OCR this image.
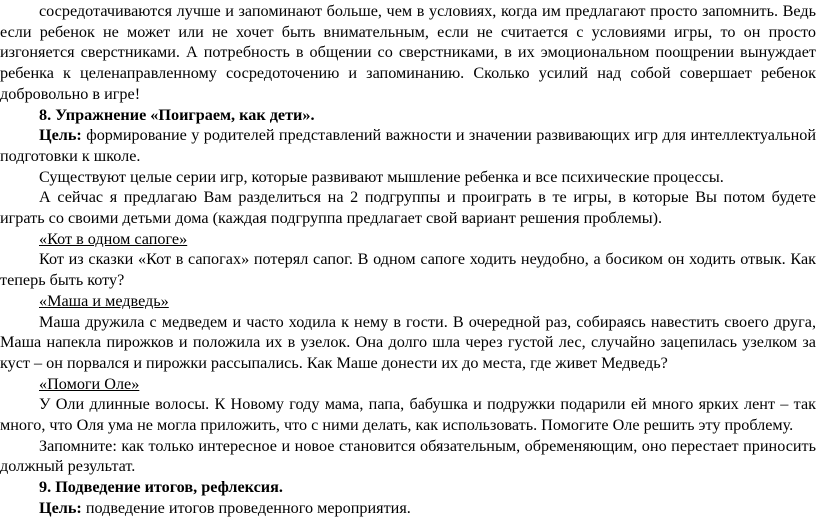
сосредотачиваются лучше и запоминают больше, чем в условиях, когда им предлагают просто запомнить. Ведь если ребенок не может или не хочет быть внимательным, если не считается с условиями игры, то он просто изгоняется сверстниками. А потребность в общении со сверстниками, в их эмоциональном поощрении вынуждает ребенка к целенаправленному сосредоточению и запоминанию. Сколько усилий над собой совершает ребенок добровольно в игре!

8. Упражнение «Поиграем, как дети».

Цель: формирование у родителей представлений важности и значении развивающих игр для интеллектуальной подготовки к школе.

Существуют целые серии игр, которые развивают мышление ребенка и все психические процессы.

А сейчас я предлагаю Вам разделиться на 2 подгруппы и проиграть в те игры, в которые Вы потом будете играть со своими детьми дома (каждая подгруппа предлагает свой вариант решения проблемы).

«Кот в одном сапоге»

Кот из сказки «Кот в сапогах» потерял сапог. В одном сапоге ходить неудобно, а босиком он ходить отвык. Как теперь быть коту?

«Маша и медведь»

Маша дружила с медведем и часто ходила к нему в гости. В очередной раз, собираясь навестить своего друга, Маша напекла пирожков и положила их в узелок. Она долго шла через густой лес, случайно зацепилась узелком за куст – он порвался и пирожки рассыпались. Как Маше донести их до места, где живет Медведь?

«Помоги Оле»

У Оли длинные волосы. К Новому году мама, папа, бабушка и подружки подарили ей много ярких лент – так много, что Оля ума не могла приложить, что с ними делать, как использовать. Помогите Оле решить эту проблему.

Запомните: как только интересное и новое становится обязательным, обременяющим, оно перестает приносить должный результат.

9. Подведение итогов, рефлексия.

Цель: подведение итогов проведенного мероприятия.
